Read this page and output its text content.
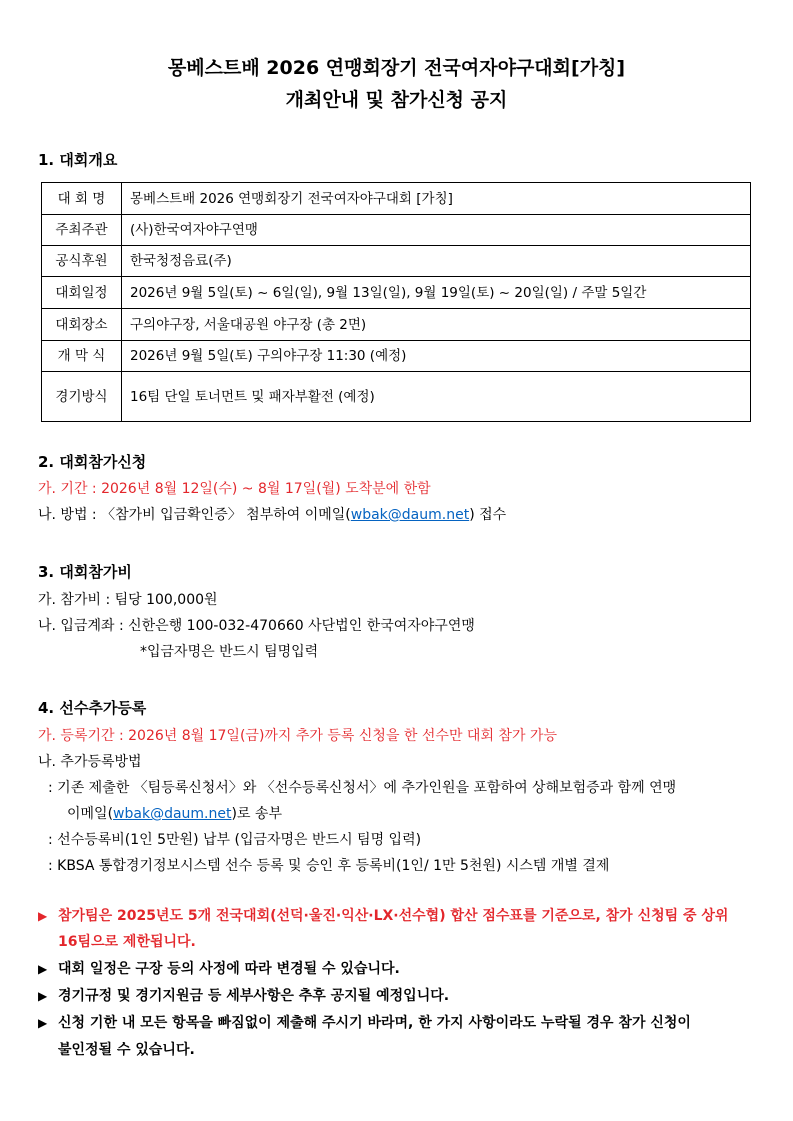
몽베스트배 2026 연맹회장기 전국여자야구대회[가칭]
개최안내 및 참가신청 공지
1. 대회개요
대 회 명	몽베스트배 2026 연맹회장기 전국여자야구대회 [가칭]
주최주관	(사)한국여자야구연맹
공식후원	한국청정음료(주)
대회일정	2026년 9월 5일(토) ~ 6일(일), 9월 13일(일), 9월 19일(토) ~ 20일(일) / 주말 5일간
대회장소	구의야구장, 서울대공원 야구장 (총 2면)
개 막 식	2026년 9월 5일(토) 구의야구장 11:30 (예정)
경기방식	16팀 단일 토너먼트 및 패자부활전 (예정)
2. 대회참가신청
가. 기간 : 2026년 8월 12일(수) ~ 8월 17일(월) 도착분에 한함
나. 방법 : 〈참가비 입금확인증〉 첨부하여 이메일(wbak@daum.net) 접수
3. 대회참가비
가. 참가비 : 팀당 100,000원
나. 입금계좌 : 신한은행 100-032-470660 사단법인 한국여자야구연맹
*입금자명은 반드시 팀명입력
4. 선수추가등록
가. 등록기간 : 2026년 8월 17일(금)까지 추가 등록 신청을 한 선수만 대회 참가 가능
나. 추가등록방법
: 기존 제출한 〈팀등록신청서〉와 〈선수등록신청서〉에 추가인원을 포함하여 상해보험증과 함께 연맹
이메일(wbak@daum.net)로 송부
: 선수등록비(1인 5만원) 납부 (입금자명은 반드시 팀명 입력)
: KBSA 통합경기정보시스템 선수 등록 및 승인 후 등록비(1인/ 1만 5천원) 시스템 개별 결제
▶ 참가팀은 2025년도 5개 전국대회(선덕·울진·익산·LX·선수협) 합산 점수표를 기준으로, 참가 신청팀 중 상위
16팀으로 제한됩니다.
▶ 대회 일정은 구장 등의 사정에 따라 변경될 수 있습니다.
▶ 경기규정 및 경기지원금 등 세부사항은 추후 공지될 예정입니다.
▶ 신청 기한 내 모든 항목을 빠짐없이 제출해 주시기 바라며, 한 가지 사항이라도 누락될 경우 참가 신청이
불인정될 수 있습니다.
